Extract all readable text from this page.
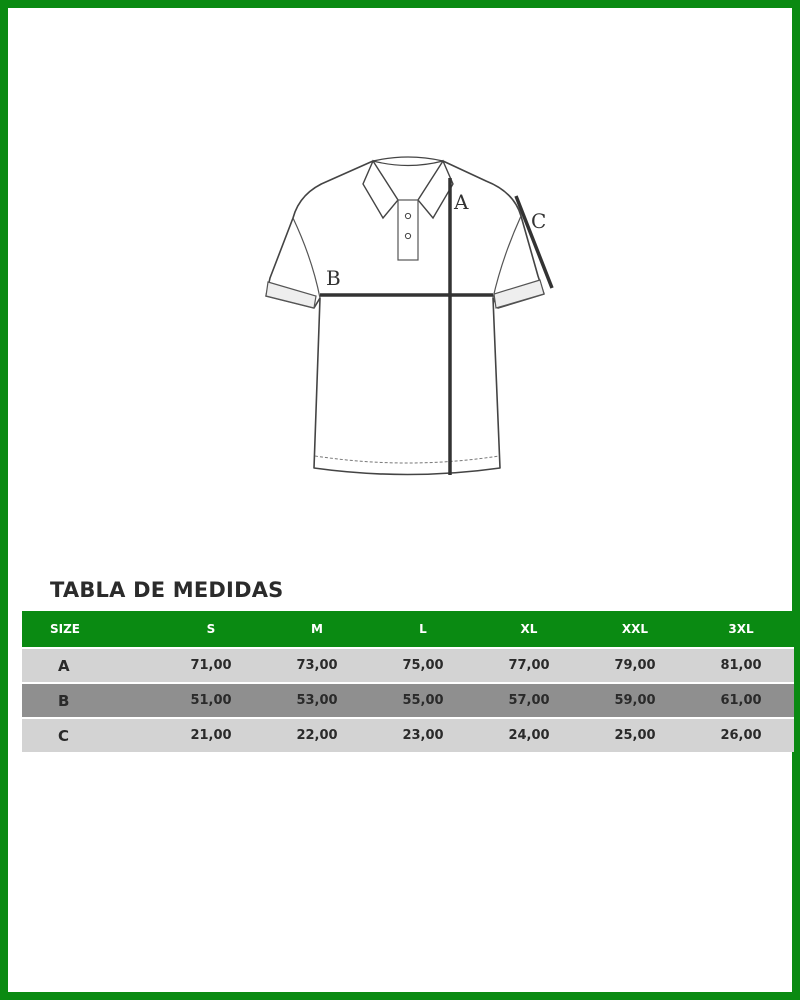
A
B
C
TABLA DE MEDIDAS
SIZE	S	M	L	XL	XXL	3XL
A	71,00	73,00	75,00	77,00	79,00	81,00
B	51,00	53,00	55,00	57,00	59,00	61,00
C	21,00	22,00	23,00	24,00	25,00	26,00
